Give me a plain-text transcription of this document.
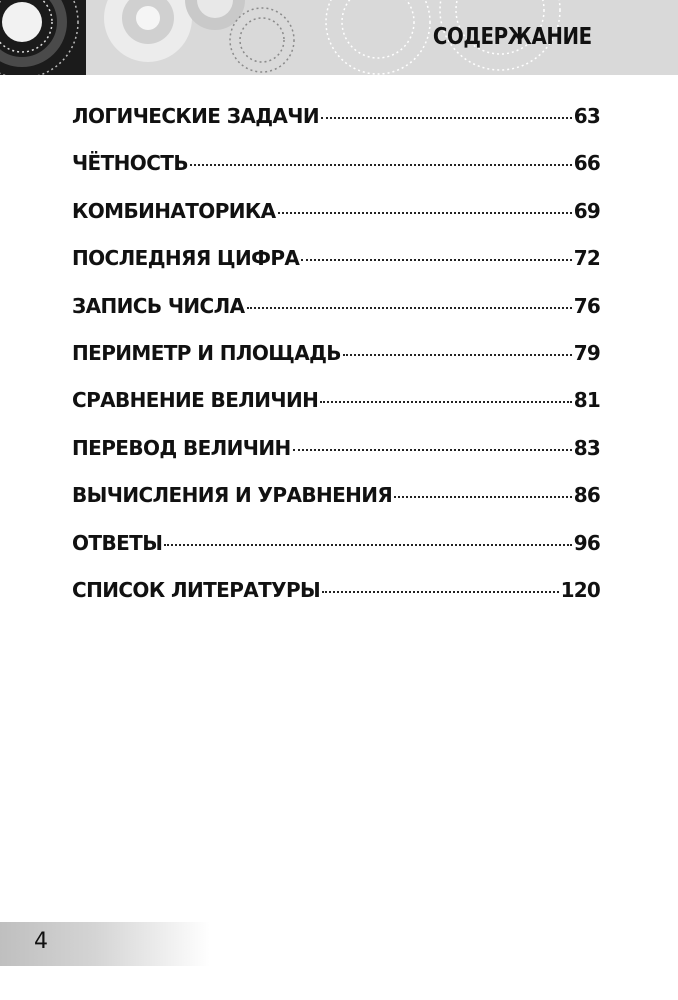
СОДЕРЖАНИЕ
ЛОГИЧЕСКИЕ ЗАДАЧИ	63
ЧЁТНОСТЬ	66
КОМБИНАТОРИКА	69
ПОСЛЕДНЯЯ ЦИФРА	72
ЗАПИСЬ ЧИСЛА	76
ПЕРИМЕТР И ПЛОЩАДЬ	79
СРАВНЕНИЕ ВЕЛИЧИН	81
ПЕРЕВОД ВЕЛИЧИН	83
ВЫЧИСЛЕНИЯ И УРАВНЕНИЯ	86
ОТВЕТЫ	96
СПИСОК ЛИТЕРАТУРЫ	120
4
